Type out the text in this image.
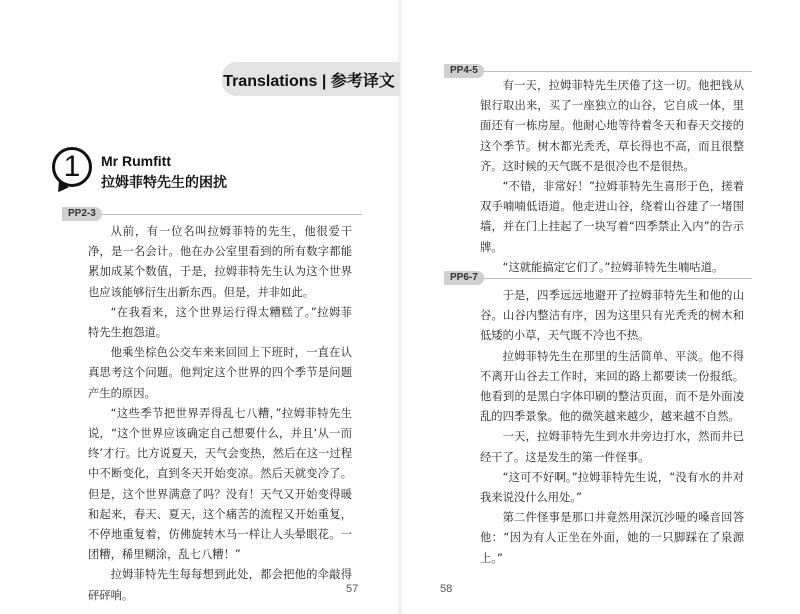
Translations | 参考译文
1	Mr Rumfitt
拉姆菲特先生的困扰
PP2-3

从前，有一位名叫拉姆菲特的先生，他很爱干净，是一名会计。他在办公室里看到的所有数字都能累加成某个数值，于是，拉姆菲特先生认为这个世界也应该能够衍生出新东西。但是，并非如此。

“在我看来，这个世界运行得太糟糕了。”拉姆菲特先生抱怨道。

他乘坐棕色公交车来来回回上下班时，一直在认真思考这个问题。他判定这个世界的四个季节是问题产生的原因。

“这些季节把世界弄得乱七八糟，”拉姆菲特先生说，“这个世界应该确定自己想要什么，并且‘从一而终’才行。比方说夏天，天气会变热，然后在这一过程中不断变化，直到冬天开始变凉。然后天就变冷了。但是，这个世界满意了吗？没有！天气又开始变得暖和起来，春天、夏天，这个痛苦的流程又开始重复，不停地重复着，仿佛旋转木马一样让人头晕眼花。一团糟，稀里糊涂，乱七八糟！”

拉姆菲特先生每每想到此处，都会把他的伞敲得砰砰响。	57
PP4-5

有一天，拉姆菲特先生厌倦了这一切。他把钱从银行取出来，买了一座独立的山谷，它自成一体，里面还有一栋房屋。他耐心地等待着冬天和春天交接的这个季节。树木都光秃秃，草长得也不高，而且很整齐。这时候的天气既不是很冷也不是很热。

“不错，非常好！”拉姆菲特先生喜形于色，搓着双手喃喃低语道。他走进山谷，绕着山谷建了一堵围墙，并在门上挂起了一块写着“四季禁止入内”的告示牌。

“这就能搞定它们了。”拉姆菲特先生喃咕道。

PP6-7

于是，四季远远地避开了拉姆菲特先生和他的山谷。山谷内整洁有序，因为这里只有光秃秃的树木和低矮的小草，天气既不冷也不热。

拉姆菲特先生在那里的生活简单、平淡。他不得不离开山谷去工作时，来回的路上都要读一份报纸。他看到的是黑白字体印刷的整洁页面，而不是外面凌乱的四季景象。他的微笑越来越少，越来越不自然。

一天，拉姆菲特先生到水井旁边打水，然而井已经干了。这是发生的第一件怪事。

“这可不好啊。”拉姆菲特先生说，“没有水的井对我来说没什么用处。”

第二件怪事是那口井竟然用深沉沙哑的嗓音回答他：“因为有人正坐在外面，她的一只脚踩在了泉源上。”

58
